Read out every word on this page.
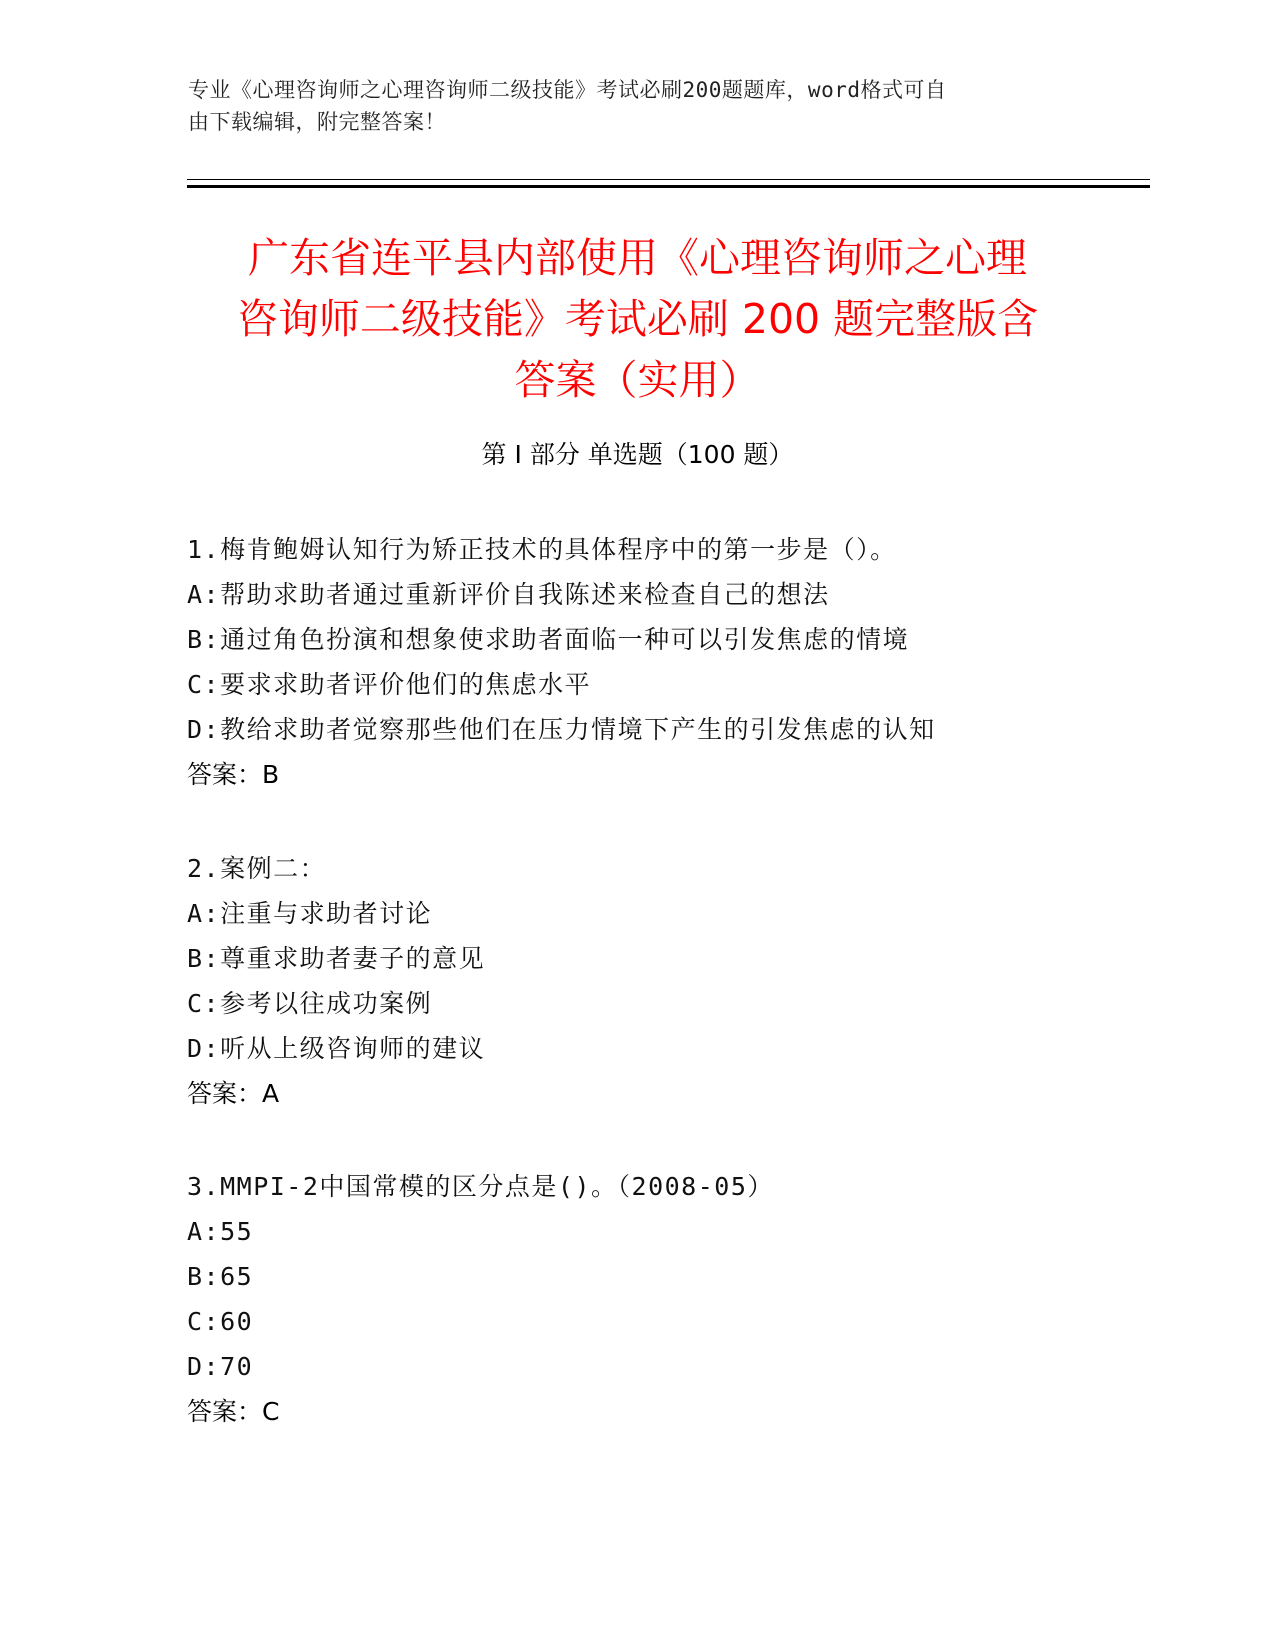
专业《心理咨询师之心理咨询师二级技能》考试必刷200题题库，word格式可自
由下载编辑，附完整答案！
广东省连平县内部使用《心理咨询师之心理
咨询师二级技能》考试必刷 200 题完整版含
答案（实用）
第 I 部分 单选题（100 题）
1.梅肯鲍姆认知行为矫正技术的具体程序中的第一步是（）。
A:帮助求助者通过重新评价自我陈述来检查自己的想法
B:通过角色扮演和想象使求助者面临一种可以引发焦虑的情境
C:要求求助者评价他们的焦虑水平
D:教给求助者觉察那些他们在压力情境下产生的引发焦虑的认知
答案：B
2.案例二：
A:注重与求助者讨论
B:尊重求助者妻子的意见
C:参考以往成功案例
D:听从上级咨询师的建议
答案：A
3.MMPI-2中国常模的区分点是()。（2008-05）
A:55
B:65
C:60
D:70
答案：C
